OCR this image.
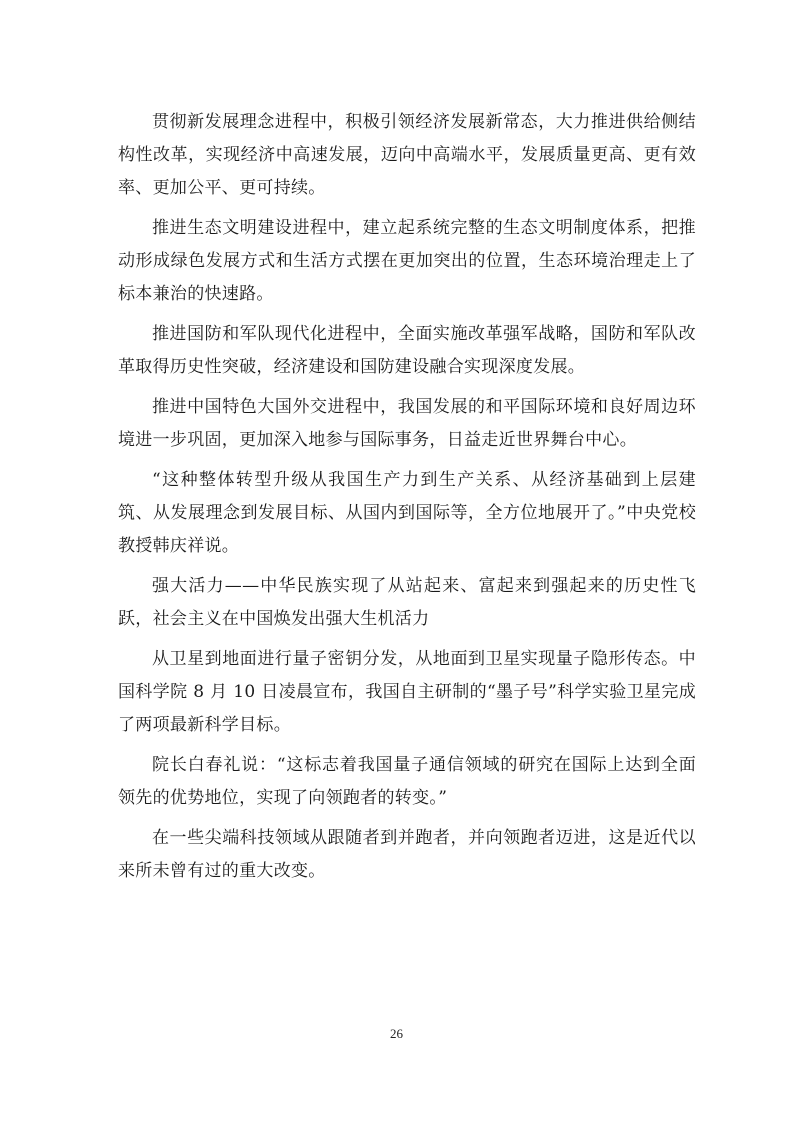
贯彻新发展理念进程中，积极引领经济发展新常态，大力推进供给侧结构性改革，实现经济中高速发展，迈向中高端水平，发展质量更高、更有效率、更加公平、更可持续。

推进生态文明建设进程中，建立起系统完整的生态文明制度体系，把推动形成绿色发展方式和生活方式摆在更加突出的位置，生态环境治理走上了标本兼治的快速路。

推进国防和军队现代化进程中，全面实施改革强军战略，国防和军队改革取得历史性突破，经济建设和国防建设融合实现深度发展。

推进中国特色大国外交进程中，我国发展的和平国际环境和良好周边环境进一步巩固，更加深入地参与国际事务，日益走近世界舞台中心。

“这种整体转型升级从我国生产力到生产关系、从经济基础到上层建筑、从发展理念到发展目标、从国内到国际等，全方位地展开了。”中央党校教授韩庆祥说。

强大活力——中华民族实现了从站起来、富起来到强起来的历史性飞跃，社会主义在中国焕发出强大生机活力

从卫星到地面进行量子密钥分发，从地面到卫星实现量子隐形传态。中国科学院 8 月 10 日凌晨宣布，我国自主研制的“墨子号”科学实验卫星完成了两项最新科学目标。

院长白春礼说：“这标志着我国量子通信领域的研究在国际上达到全面领先的优势地位，实现了向领跑者的转变。”

在一些尖端科技领域从跟随者到并跑者，并向领跑者迈进，这是近代以来所未曾有过的重大改变。

26
